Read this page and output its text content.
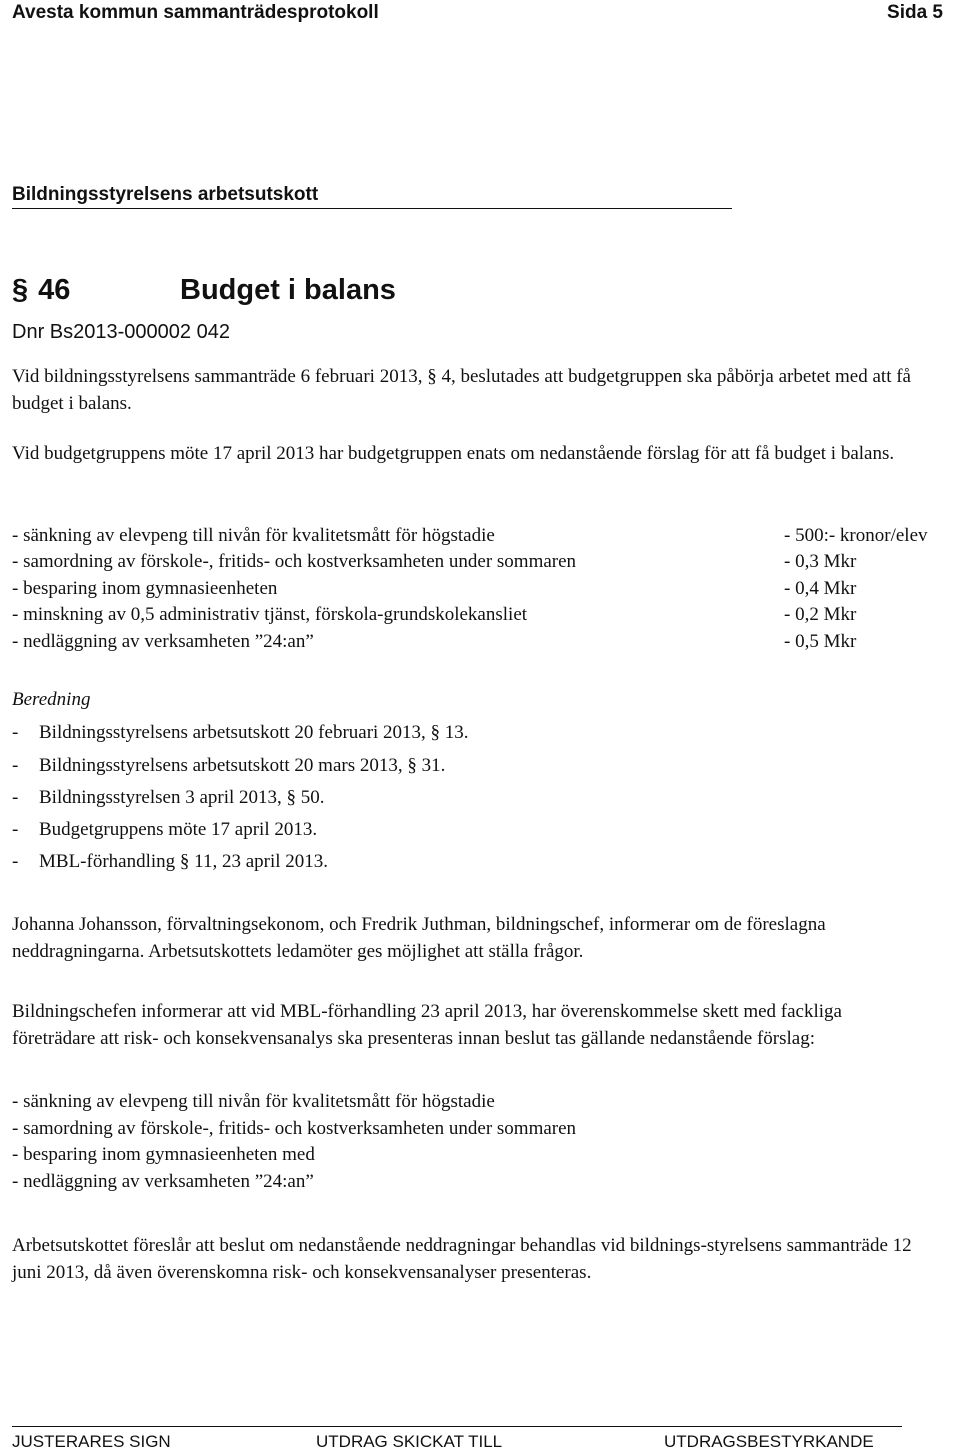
Avesta kommun sammanträdesprotokoll	Sida 5
Bildningsstyrelsens arbetsutskott
§ 46	Budget i balans
Dnr Bs2013-000002 042
Vid bildningsstyrelsens sammanträde 6 februari 2013, § 4, beslutades att budgetgruppen ska påbörja arbetet med att få budget i balans.
Vid budgetgruppens möte 17 april 2013 har budgetgruppen enats om nedanstående förslag för att få budget i balans.
- sänkning av elevpeng till nivån för kvalitetsmått för högstadie	- 500:- kronor/elev
- samordning av förskole-, fritids- och kostverksamheten under sommaren	- 0,3 Mkr
- besparing inom gymnasieenheten	- 0,4 Mkr
- minskning av 0,5 administrativ tjänst, förskola-grundskolekansliet	- 0,2 Mkr
- nedläggning av verksamheten ”24:an”	- 0,5 Mkr
Beredning
-	Bildningsstyrelsens arbetsutskott 20 februari 2013, § 13.
-	Bildningsstyrelsens arbetsutskott 20 mars 2013, § 31.
-	Bildningsstyrelsen 3 april 2013, § 50.
-	Budgetgruppens möte 17 april 2013.
-	MBL-förhandling § 11, 23 april 2013.
Johanna Johansson, förvaltningsekonom, och Fredrik Juthman, bildningschef, informerar om de föreslagna neddragningarna. Arbetsutskottets ledamöter ges möjlighet att ställa frågor.
Bildningschefen informerar att vid MBL-förhandling 23 april 2013, har överenskommelse skett med fackliga företrädare att risk- och konsekvensanalys ska presenteras innan beslut tas gällande nedanstående förslag:
- sänkning av elevpeng till nivån för kvalitetsmått för högstadie
- samordning av förskole-, fritids- och kostverksamheten under sommaren
- besparing inom gymnasieenheten med
- nedläggning av verksamheten ”24:an”
Arbetsutskottet föreslår att beslut om nedanstående neddragningar behandlas vid bildnings-styrelsens sammanträde 12 juni 2013, då även överenskomna risk- och konsekvensanalyser presenteras.
JUSTERARES SIGN	UTDRAG SKICKAT TILL	UTDRAGSBESTYRKANDE
